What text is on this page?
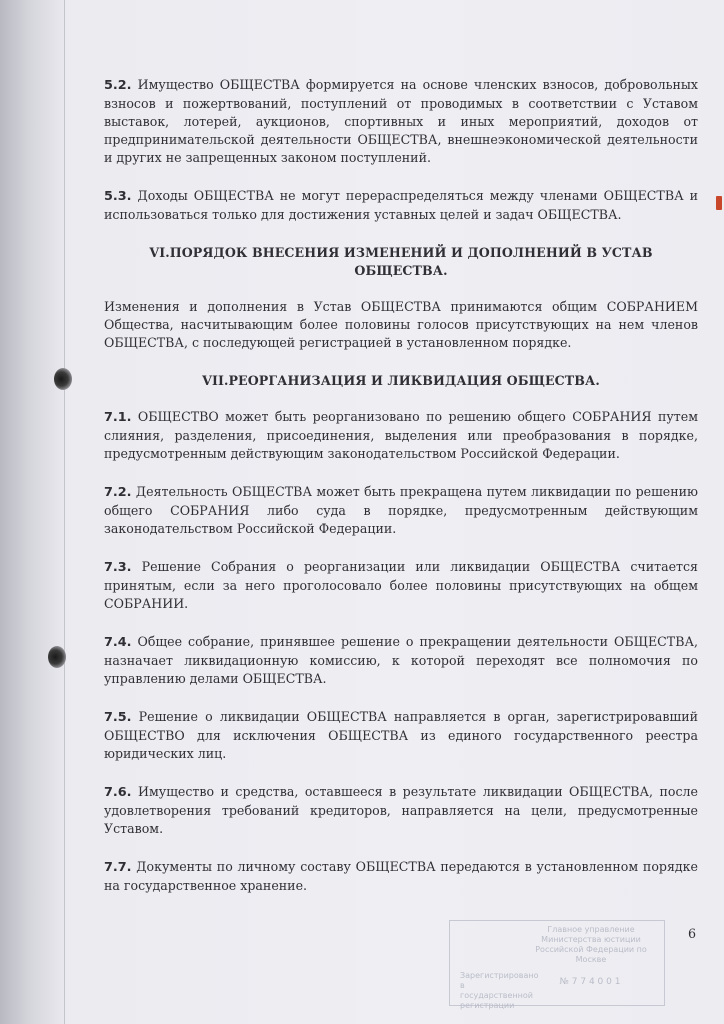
5.2. Имущество ОБЩЕСТВА формируется на основе членских взносов, добровольных взносов и пожертвований, поступлений от проводимых в соответствии с Уставом выставок, лотерей, аукционов, спортивных и иных мероприятий, доходов от предпринимательской деятельности ОБЩЕСТВА, внешнеэкономической деятельности и других не запрещенных законом поступлений.

5.3. Доходы ОБЩЕСТВА не могут перераспределяться между членами ОБЩЕСТВА и использоваться только для достижения уставных целей и задач ОБЩЕСТВА.

VI.ПОРЯДОК ВНЕСЕНИЯ ИЗМЕНЕНИЙ И ДОПОЛНЕНИЙ В УСТАВ ОБЩЕСТВА.

Изменения и дополнения в Устав ОБЩЕСТВА принимаются общим СОБРАНИЕМ Общества, насчитывающим более половины голосов присутствующих на нем членов ОБЩЕСТВА, с последующей регистрацией в установленном порядке.

VII.РЕОРГАНИЗАЦИЯ И ЛИКВИДАЦИЯ ОБЩЕСТВА.

7.1. ОБЩЕСТВО может быть реорганизовано по решению общего СОБРАНИЯ путем слияния, разделения, присоединения, выделения или преобразования в порядке, предусмотренным действующим законодательством Российской Федерации.

7.2. Деятельность ОБЩЕСТВА может быть прекращена путем ликвидации по решению общего СОБРАНИЯ либо суда в порядке, предусмотренным действующим законодательством Российской Федерации.

7.3. Решение Собрания о реорганизации или ликвидации ОБЩЕСТВА считается принятым, если за него проголосовало более половины присутствующих на общем СОБРАНИИ.

7.4. Общее собрание, принявшее решение о прекращении деятельности ОБЩЕСТВА, назначает ликвидационную комиссию, к которой переходят все полномочия по управлению делами ОБЩЕСТВА.

7.5. Решение о ликвидации ОБЩЕСТВА направляется в орган, зарегистрировавший ОБЩЕСТВО для исключения ОБЩЕСТВА из единого государственного реестра юридических лиц.

7.6. Имущество и средства, оставшееся в результате ликвидации ОБЩЕСТВА, после удовлетворения требований кредиторов, направляется на цели, предусмотренные Уставом.

7.7. Документы по личному составу ОБЩЕСТВА передаются в установленном порядке на государственное хранение.

Главное управление Министерства юстиции Российской Федерации по Москве
Зарегистрировано в государственной регистрации
№ 7 7 4 0 0 1
6
